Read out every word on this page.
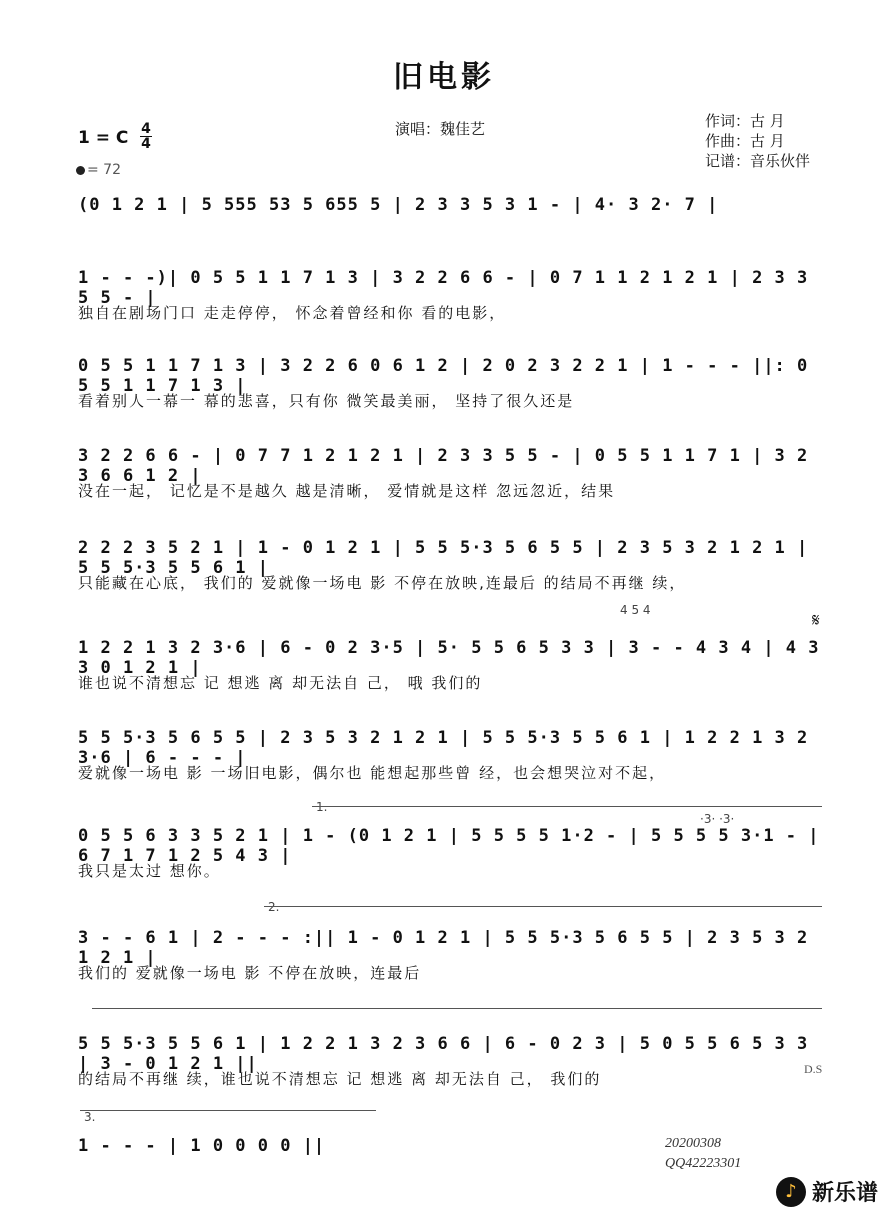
旧电影
演唱：魏佳艺	作词：古 月
作曲：古 月
记谱：音乐伙伴
1 = C 4
4
= 72
(0 1 2 1 | 5 555 53 5 655 5 | 2 3 3 5 3 1 - | 4· 3 2· 7 |
1 - - -)| 0 5 5 1 1 7 1 3 | 3 2 2 6 6 - | 0 7 1 1 2 1 2 1 | 2 3 3 5 5 - |
独自在剧场门口 走走停停， 怀念着曾经和你 看的电影，
0 5 5 1 1 7 1 3 | 3 2 2 6 0 6 1 2 | 2 0 2 3 2 2 1 | 1 - - - ||: 0 5 5 1 1 7 1 3 |
看着别人一幕一 幕的悲喜，只有你 微笑最美丽， 坚持了很久还是
3 2 2 6 6 - | 0 7 7 1 2 1 2 1 | 2 3 3 5 5 - | 0 5 5 1 1 7 1 | 3 2 3 6 6 1 2 |
没在一起， 记忆是不是越久 越是清晰， 爱情就是这样 忽远忽近，结果
2 2 2 3 5 2 1 | 1 - 0 1 2 1 | 5 5 5·3 5 6 5 5 | 2 3 5 3 2 1 2 1 | 5 5 5·3 5 5 6 1 |
只能藏在心底， 我们的 爱就像一场电 影 不停在放映,连最后 的结局不再继 续，
4 5 4	𝄋
1 2 2 1 3 2 3·6 | 6 - 0 2 3·5 | 5· 5 5 6 5 3 3 | 3 - - 4 3 4 | 4 3 3 0 1 2 1 |
谁也说不清想忘 记 想逃 离 却无法自 己， 哦 我们的
5 5 5·3 5 6 5 5 | 2 3 5 3 2 1 2 1 | 5 5 5·3 5 5 6 1 | 1 2 2 1 3 2 3·6 | 6 - - - |
爱就像一场电 影 一场旧电影，偶尔也 能想起那些曾 经，也会想哭泣对不起，
1.
·3· ·3·
0 5 5 6 3 3 5 2 1 | 1 - (0 1 2 1 | 5 5 5 5 1·2 - | 5 5 5 5 3·1 - | 6 7 1 7 1 2 5 4 3 |
我只是太过 想你。
2.
3 - - 6 1 | 2 - - - :|| 1 - 0 1 2 1 | 5 5 5·3 5 6 5 5 | 2 3 5 3 2 1 2 1 |
我们的 爱就像一场电 影 不停在放映，连最后
5 5 5·3 5 5 6 1 | 1 2 2 1 3 2 3 6 6 | 6 - 0 2 3 | 5 0 5 5 6 5 3 3 | 3 - 0 1 2 1 ||
的结局不再继 续，谁也说不清想忘 记 想逃 离 却无法自 己， 我们的
D.S
3.
1 - - - | 1 0 0 0 0 ||	20200308
QQ42223301
♪ 新乐谱
